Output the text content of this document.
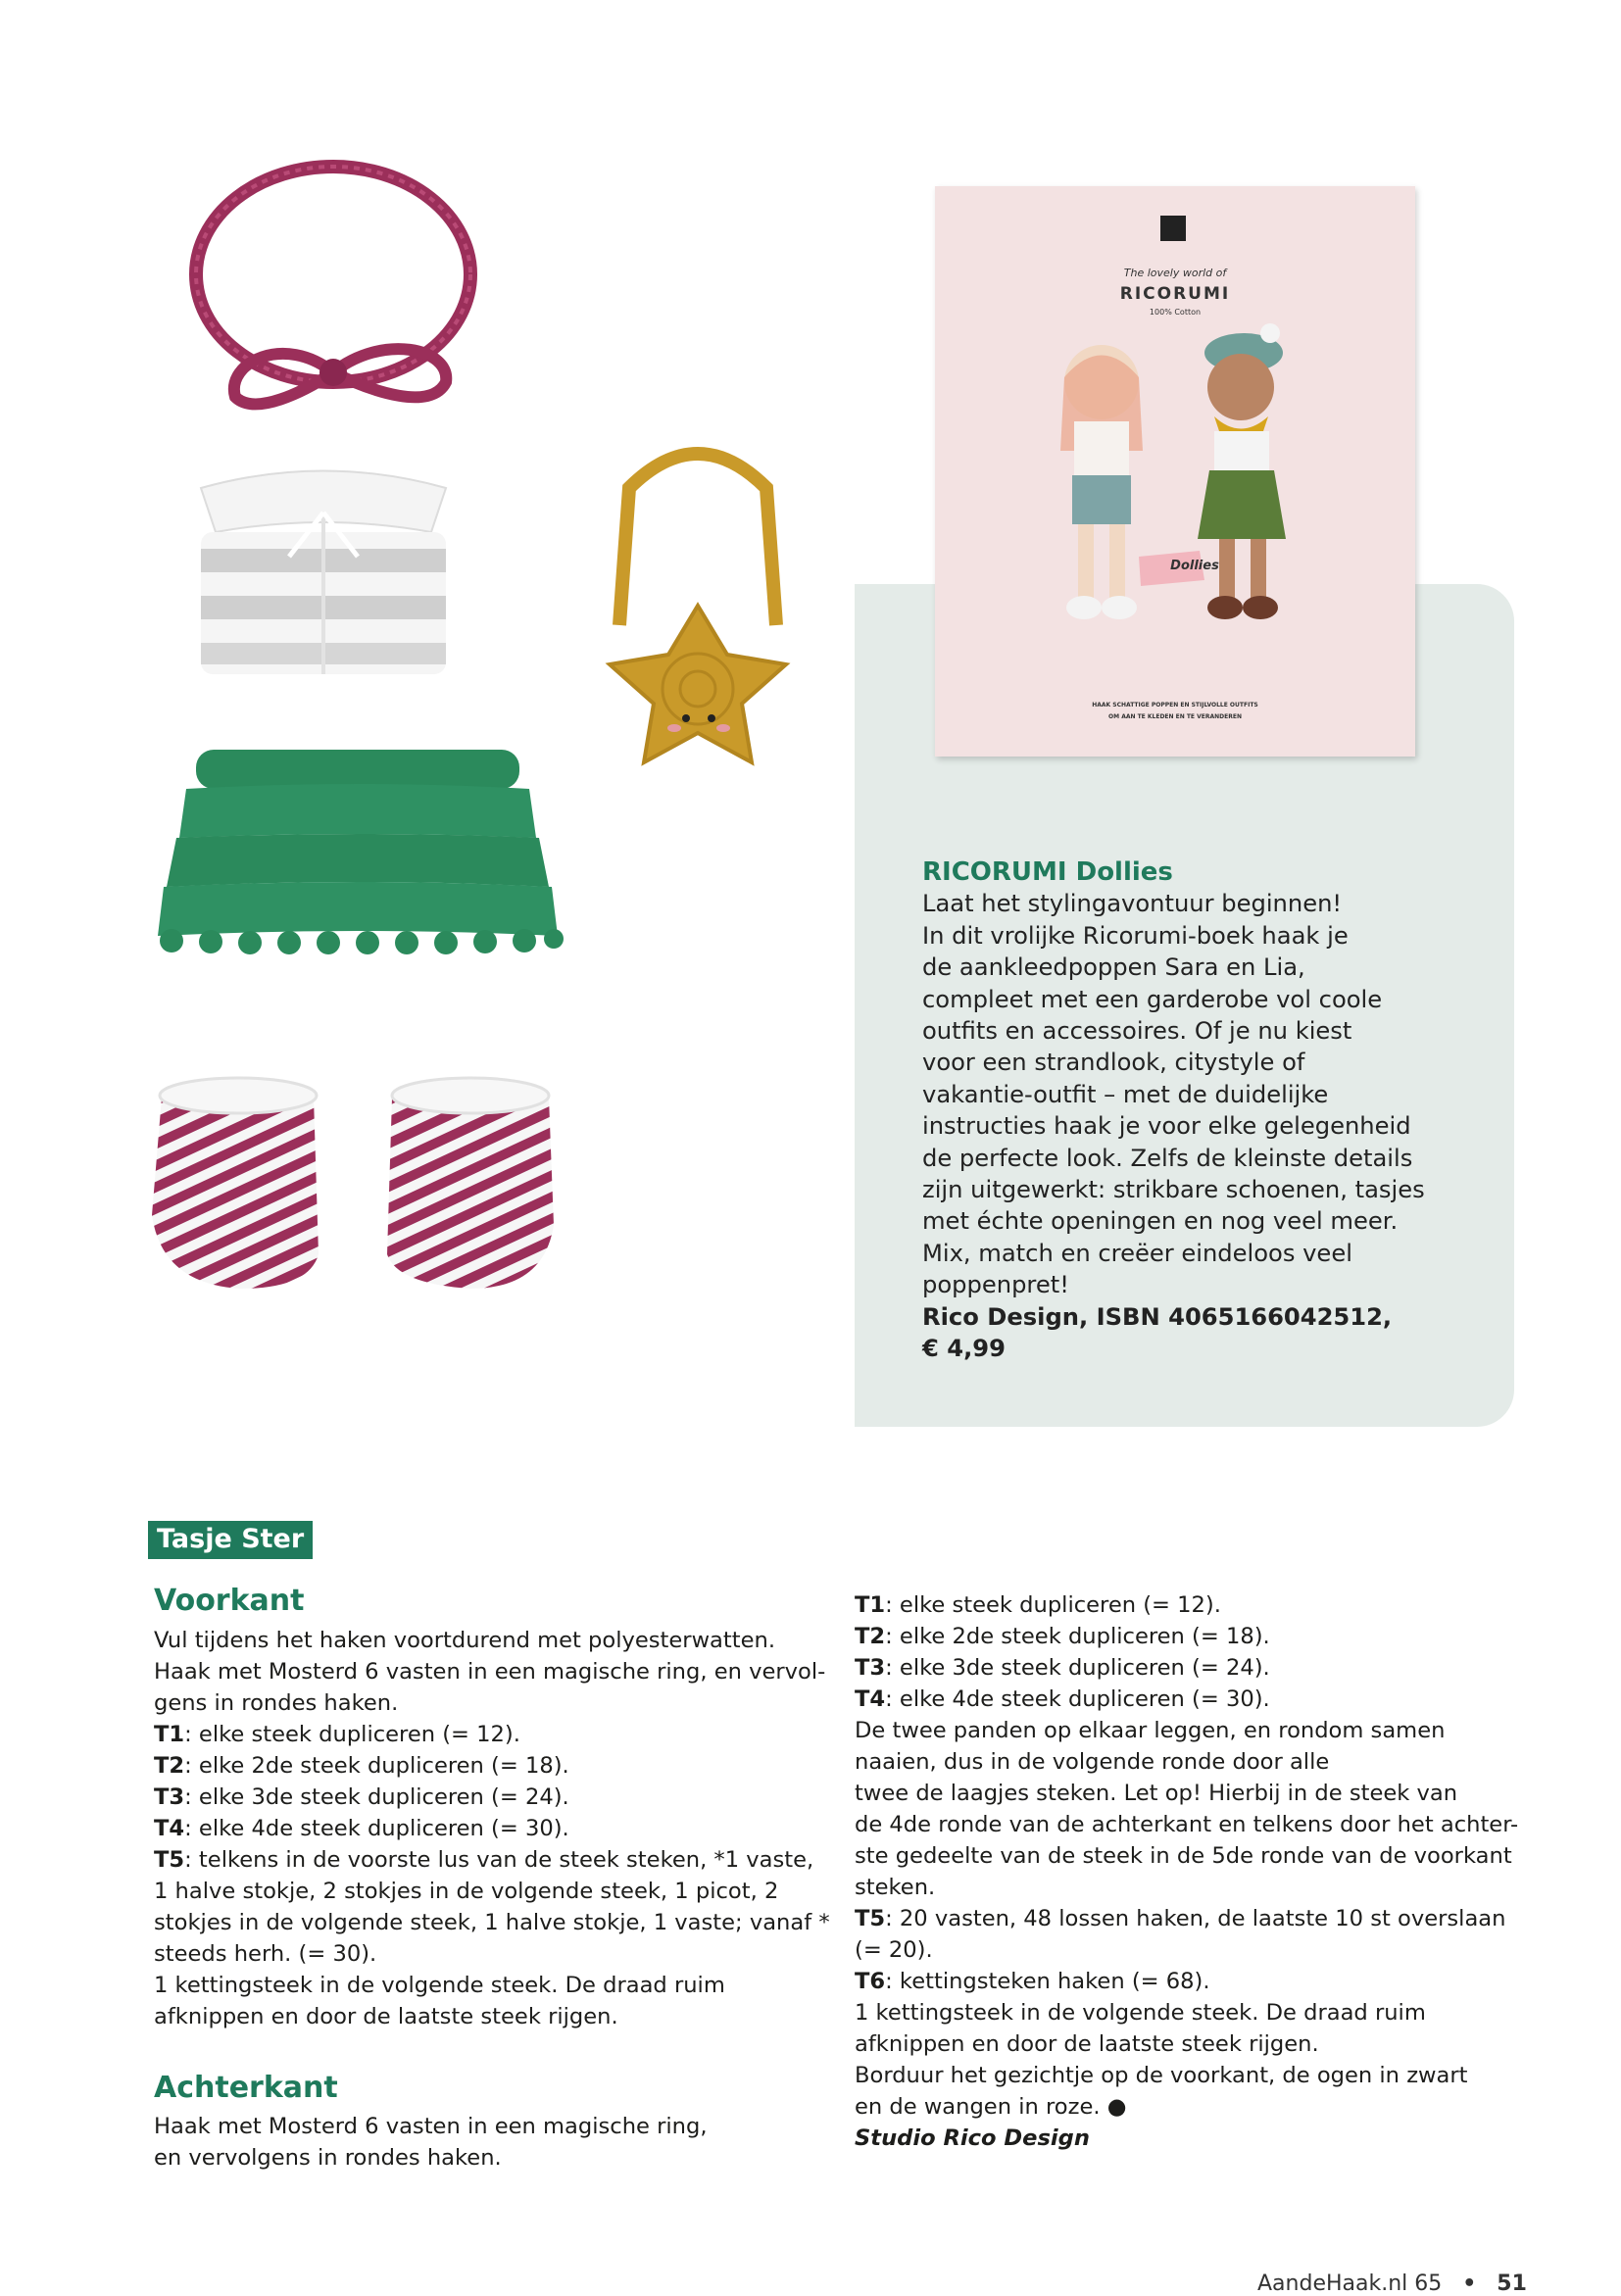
The lovely world of
RICORUMI
100% Cotton
Dollies
HAAK SCHATTIGE POPPEN EN STIJLVOLLE OUTFITS
OM AAN TE KLEDEN EN TE VERANDEREN
RICORUMI Dollies
Laat het stylingavontuur beginnen!
In dit vrolijke Ricorumi-boek haak je
de aankleedpoppen Sara en Lia,
compleet met een garderobe vol coole
outfits en accessoires. Of je nu kiest
voor een strandlook, citystyle of
vakantie-outfit – met de duidelijke
instructies haak je voor elke gelegenheid
de perfecte look. Zelfs de kleinste details
zijn uitgewerkt: strikbare schoenen, tasjes
met échte openingen en nog veel meer.
Mix, match en creëer eindeloos veel
poppenpret!
Rico Design, ISBN 4065166042512,
€ 4,99
Tasje Ster
Voorkant

Vul tijdens het haken voortdurend met polyesterwatten.

Haak met Mosterd 6 vasten in een magische ring, en vervol-

gens in rondes haken.

T1: elke steek dupliceren (= 12).

T2: elke 2de steek dupliceren (= 18).

T3: elke 3de steek dupliceren (= 24).

T4: elke 4de steek dupliceren (= 30).

T5: telkens in de voorste lus van de steek steken, *1 vaste,

1 halve stokje, 2 stokjes in de volgende steek, 1 picot, 2

stokjes in de volgende steek, 1 halve stokje, 1 vaste; vanaf *

steeds herh. (= 30).

1 kettingsteek in de volgende steek. De draad ruim

afknippen en door de laatste steek rijgen.

Achterkant

Haak met Mosterd 6 vasten in een magische ring,

en vervolgens in rondes haken.

T1: elke steek dupliceren (= 12).

T2: elke 2de steek dupliceren (= 18).

T3: elke 3de steek dupliceren (= 24).

T4: elke 4de steek dupliceren (= 30).

De twee panden op elkaar leggen, en rondom samen

naaien, dus in de volgende ronde door alle

twee de laagjes steken. Let op! Hierbij in de steek van

de 4de ronde van de achterkant en telkens door het achter-

ste gedeelte van de steek in de 5de ronde van de voorkant

steken.

T5: 20 vasten, 48 lossen haken, de laatste 10 st overslaan

(= 20).

T6: kettingsteken haken (= 68).

1 kettingsteek in de volgende steek. De draad ruim

afknippen en door de laatste steek rijgen.

Borduur het gezichtje op de voorkant, de ogen in zwart

en de wangen in roze. ●

Studio Rico Design

AandeHaak.nl 65 • 51
